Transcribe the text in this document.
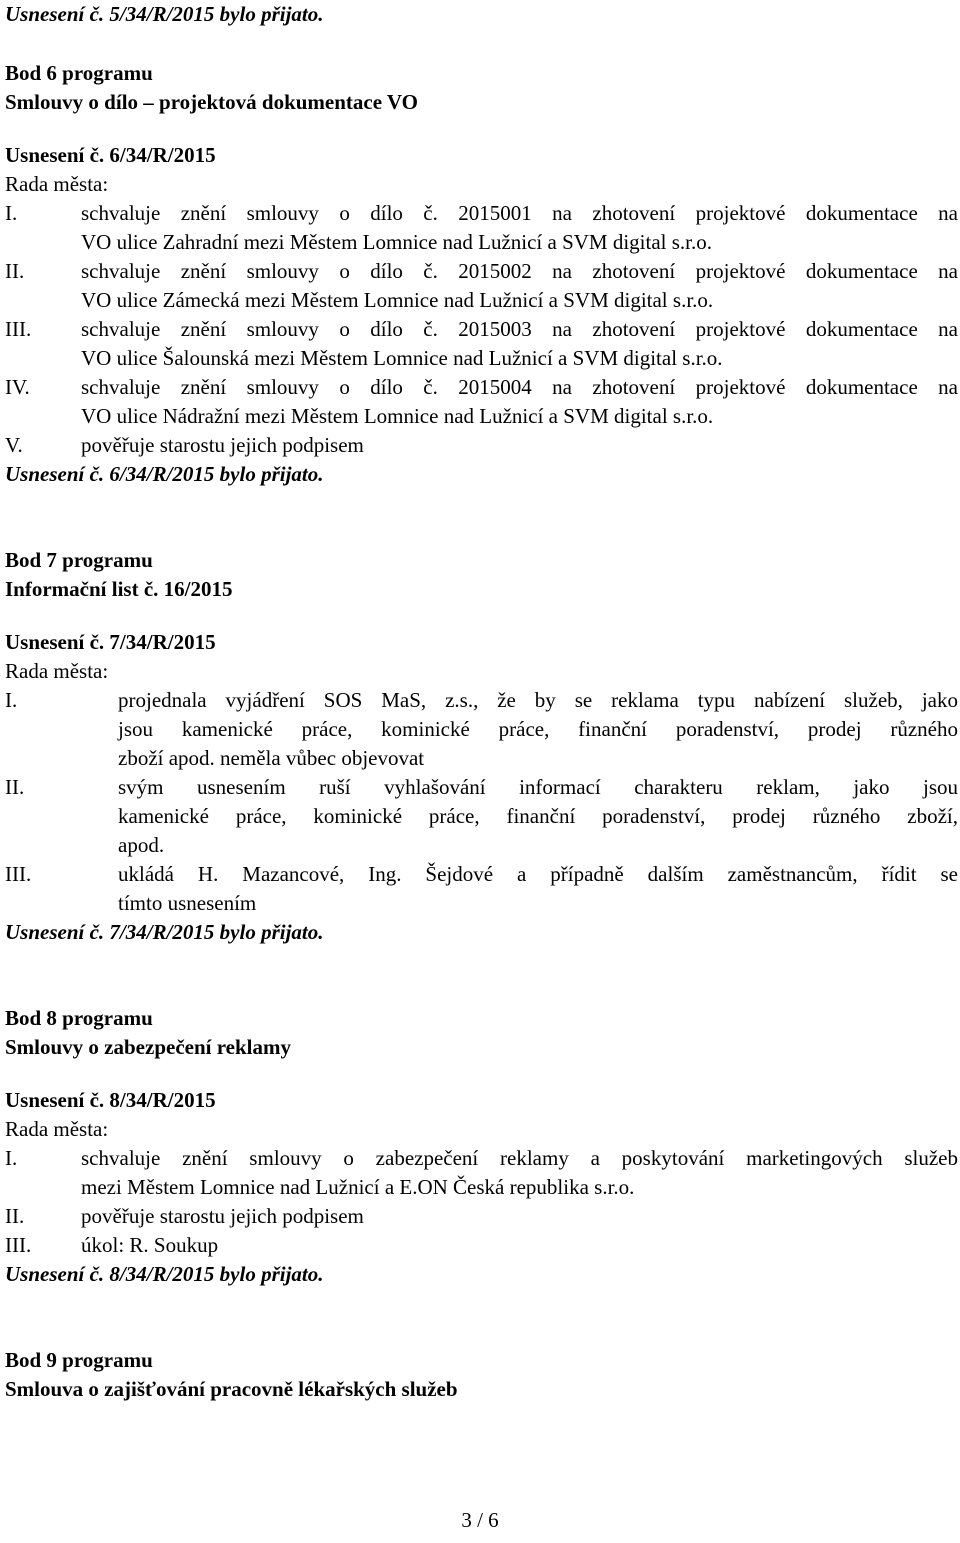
Usnesení č. 5/34/R/2015 bylo přijato.
Bod 6 programu
Smlouvy o dílo – projektová dokumentace VO
Usnesení č. 6/34/R/2015
Rada města:
I.	schvaluje znění smlouvy o dílo č. 2015001 na zhotovení projektové dokumentace na
VO ulice Zahradní mezi Městem Lomnice nad Lužnicí a SVM digital s.r.o.
II.	schvaluje znění smlouvy o dílo č. 2015002 na zhotovení projektové dokumentace na
VO ulice Zámecká mezi Městem Lomnice nad Lužnicí a SVM digital s.r.o.
III. schvaluje znění smlouvy o dílo č. 2015003 na zhotovení projektové dokumentace na
VO ulice Šalounská mezi Městem Lomnice nad Lužnicí a SVM digital s.r.o.
IV. schvaluje znění smlouvy o dílo č. 2015004 na zhotovení projektové dokumentace na
VO ulice Nádražní mezi Městem Lomnice nad Lužnicí a SVM digital s.r.o.
V.	pověřuje starostu jejich podpisem
Usnesení č. 6/34/R/2015 bylo přijato.
Bod 7 programu
Informační list č. 16/2015
Usnesení č. 7/34/R/2015
Rada města:
I.	projednala vyjádření SOS MaS, z.s., že by se reklama typu nabízení služeb, jako
jsou kamenické práce, kominické práce, finanční poradenství, prodej různého
zboží apod. neměla vůbec objevovat
II.	svým usnesením ruší vyhlašování informací charakteru reklam, jako jsou
kamenické práce, kominické práce, finanční poradenství, prodej různého zboží,
apod.
III.	ukládá H. Mazancové, Ing. Šejdové a případně dalším zaměstnancům, řídit se
tímto usnesením
Usnesení č. 7/34/R/2015 bylo přijato.
Bod 8 programu
Smlouvy o zabezpečení reklamy
Usnesení č. 8/34/R/2015
Rada města:
I.	schvaluje znění smlouvy o zabezpečení reklamy a poskytování marketingových služeb
mezi Městem Lomnice nad Lužnicí a E.ON Česká republika s.r.o.
II.	pověřuje starostu jejich podpisem
III. úkol: R. Soukup
Usnesení č. 8/34/R/2015 bylo přijato.
Bod 9 programu
Smlouva o zajišťování pracovně lékařských služeb
3 / 6
